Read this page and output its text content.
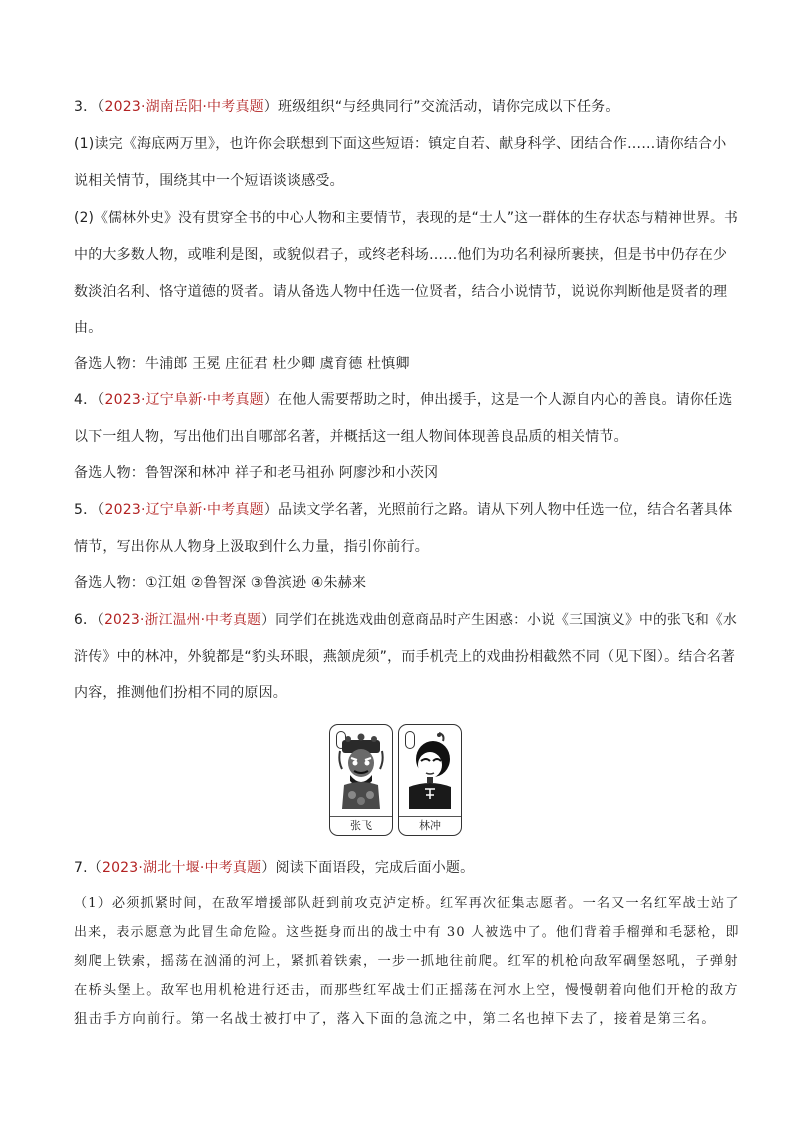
3．（2023·湖南岳阳·中考真题）班级组织“与经典同行”交流活动，请你完成以下任务。
(1)读完《海底两万里》，也许你会联想到下面这些短语：镇定自若、献身科学、团结合作……请你结合小
说相关情节，围绕其中一个短语谈谈感受。
(2)《儒林外史》没有贯穿全书的中心人物和主要情节，表现的是“士人”这一群体的生存状态与精神世界。书
中的大多数人物，或唯利是图，或貌似君子，或终老科场……他们为功名利禄所裹挟，但是书中仍存在少
数淡泊名利、恪守道德的贤者。请从备选人物中任选一位贤者，结合小说情节，说说你判断他是贤者的理
由。
备选人物：牛浦郎 王冕 庄征君 杜少卿 虞育德 杜慎卿
4．（2023·辽宁阜新·中考真题）在他人需要帮助之时，伸出援手，这是一个人源自内心的善良。请你任选
以下一组人物，写出他们出自哪部名著，并概括这一组人物间体现善良品质的相关情节。
备选人物：鲁智深和林冲 祥子和老马祖孙 阿廖沙和小茨冈
5．（2023·辽宁阜新·中考真题）品读文学名著，光照前行之路。请从下列人物中任选一位，结合名著具体
情节，写出你从人物身上汲取到什么力量，指引你前行。
备选人物：①江姐 ②鲁智深 ③鲁滨逊 ④朱赫来
6．（2023·浙江温州·中考真题）同学们在挑选戏曲创意商品时产生困惑：小说《三国演义》中的张飞和《水
浒传》中的林冲，外貌都是“豹头环眼，燕颔虎须”，而手机壳上的戏曲扮相截然不同（见下图）。结合名著
内容，推测他们扮相不同的原因。
张飞	林冲
7.（2023·湖北十堰·中考真题）阅读下面语段，完成后面小题。
（1）必须抓紧时间，在敌军增援部队赶到前攻克泸定桥。红军再次征集志愿者。一名又一名红军战士站了
出来，表示愿意为此冒生命危险。这些挺身而出的战士中有 30 人被选中了。他们背着手榴弹和毛瑟枪，即
刻爬上铁索，摇荡在汹涌的河上，紧抓着铁索，一步一抓地往前爬。红军的机枪向敌军碉堡怒吼，子弹射
在桥头堡上。敌军也用机枪进行还击，而那些红军战士们正摇荡在河水上空，慢慢朝着向他们开枪的敌方
狙击手方向前行。第一名战士被打中了，落入下面的急流之中，第二名也掉下去了，接着是第三名。
